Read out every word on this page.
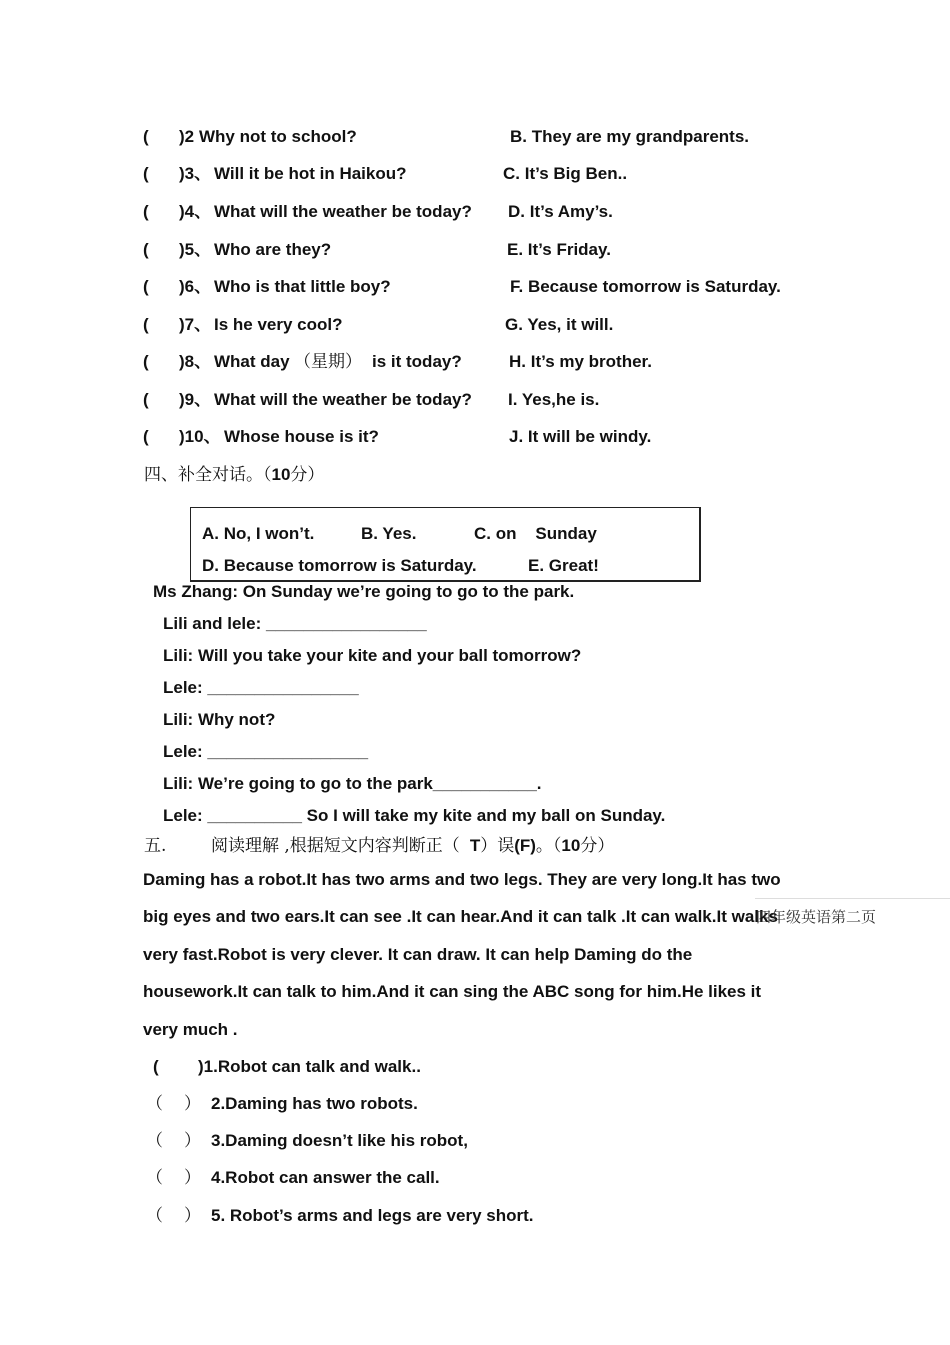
( )2 Why not to school?	B. They are my grandparents.
( )3、 Will it be hot in Haikou?	C. It’s Big Ben..
( )4、 What will the weather be today? D. It’s Amy’s.
( )5、 Who are they?	E. It’s Friday.
( )6、 Who is that little boy?	F. Because tomorrow is Saturday.
( )7、 Is he very cool?	G. Yes, it will.
( )8、 What day （星期） is it today?	H. It’s my brother.
( )9、 What will the weather be today? I. Yes,he is.
( )10、 Whose house is it?	J. It will be windy.
四、补全对话。（10分）
A. No, I won’t.	B. Yes.	C. on    Sunday
D. Because tomorrow is Saturday.	E. Great!
Ms Zhang: On Sunday we’re going to go to the park.
Lili and lele: _________________
Lili: Will you take your kite and your ball tomorrow?
Lele: ________________
Lili: Why not?
Lele: _________________
Lili: We’re going to go to the park___________.
Lele: __________ So I will take my kite and my ball on Sunday.
五.	阅读理解 ,根据短文内容判断正（ T）误(F)。（10分）
Daming has a robot.It has two arms and two legs. They are very long.It has two
big eyes and two ears.It can see .It can hear.And it can talk .It can walk.It walks
very fast.Robot is very clever. It can draw. It can help Daming do the
housework.It can talk to him.And it can sing the ABC song for him.He likes it
very much .
( )1.Robot can talk and walk..
（ ） 2.Daming has two robots.
（ ） 3.Daming doesn’t like his robot,
（ ） 4.Robot can answer the call.
（ ） 5. Robot’s arms and legs are very short.
四年级英语第二页
